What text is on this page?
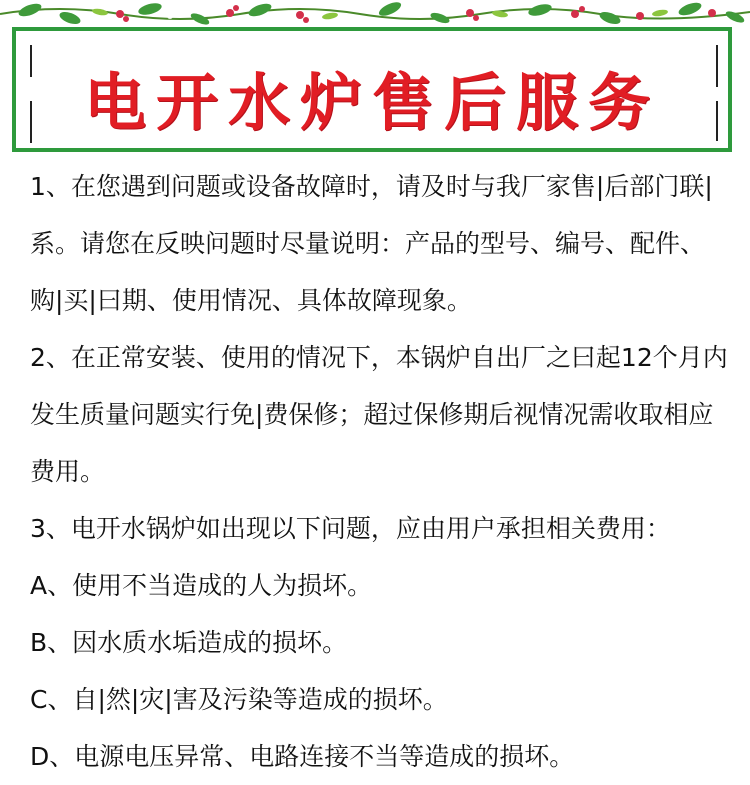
电开水炉售后服务

1、在您遇到问题或设备故障时，请及时与我厂家售|后部门联|系。请您在反映问题时尽量说明：产品的型号、编号、配件、购|买|曰期、使用情况、具体故障现象。

2、在正常安装、使用的情况下，本锅炉自出厂之曰起12个月内发生质量问题实行免|费保修；超过保修期后视情况需收取相应费用。

3、电开水锅炉如出现以下问题，应由用户承担相关费用：

A、使用不当造成的人为损坏。
B、因水质水垢造成的损坏。
C、自|然|灾|害及污染等造成的损坏。
D、电源电压异常、电路连接不当等造成的损坏。
